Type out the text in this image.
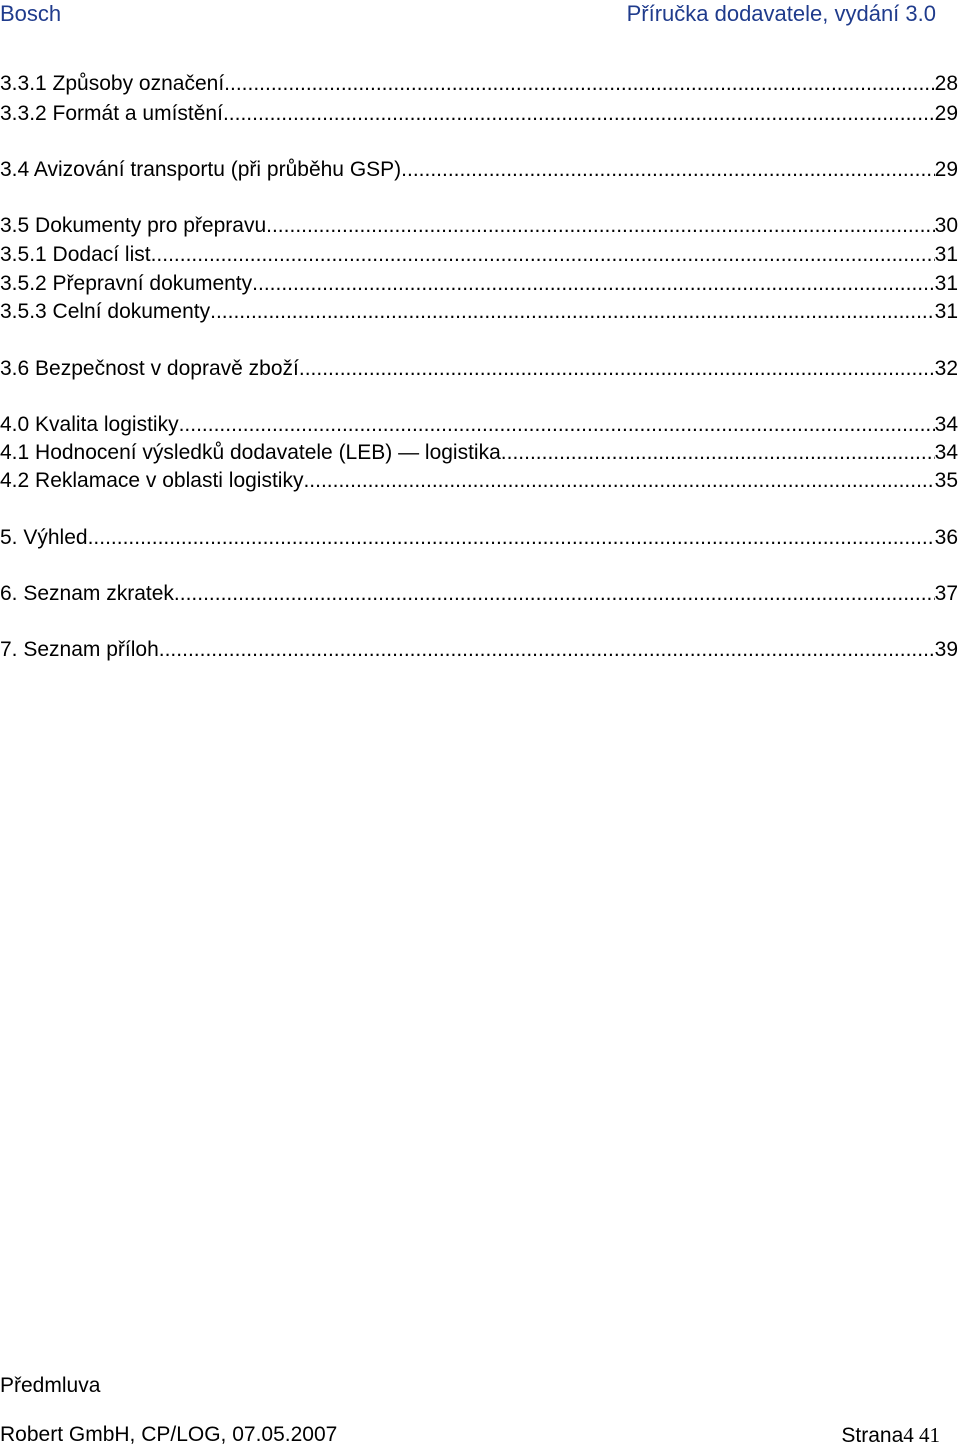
Bosch	Příručka dodavatele, vydání 3.0
3.3.1 Způsoby označení .....	28
3.3.2 Formát a umístění .....	29
3.4 Avizování transportu (při průběhu GSP) .....	29
3.5 Dokumenty pro přepravu .....	30
3.5.1 Dodací list .....	31
3.5.2 Přepravní dokumenty .....	31
3.5.3 Celní dokumenty .....	31
3.6 Bezpečnost v dopravě zboží .....	32
4.0 Kvalita logistiky .....	34
4.1 Hodnocení výsledků dodavatele (LEB) — logistika .....	34
4.2 Reklamace v oblasti logistiky .....	35
5. Výhled .....	36
6. Seznam zkratek .....	37
7. Seznam příloh .....	39
Předmluva
Robert GmbH, CP/LOG, 07.05.2007	Strana4 41
